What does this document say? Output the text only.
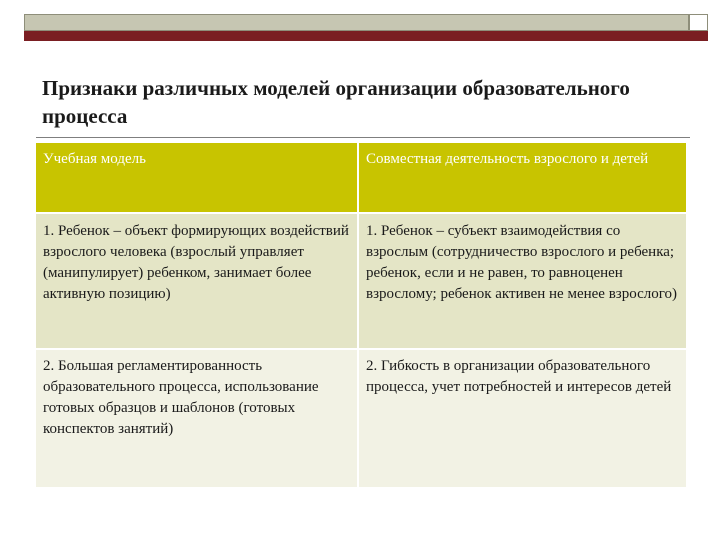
Признаки различных моделей организации образовательного процесса
Учебная модель	Совместная деятельность взрослого и детей
1. Ребенок – объект формирующих воздействий взрослого человека (взрослый управляет (манипулирует) ребенком, занимает более активную позицию)
1. Ребенок – субъект взаимодействия со взрослым (сотрудничество взрослого и ребенка; ребенок, если и не равен, то равноценен взрослому; ребенок активен не менее взрослого)
2. Большая регламентированность образовательного процесса, использование готовых образцов и шаблонов (готовых конспектов занятий)
2. Гибкость в организации образовательного процесса, учет потребностей и интересов детей
